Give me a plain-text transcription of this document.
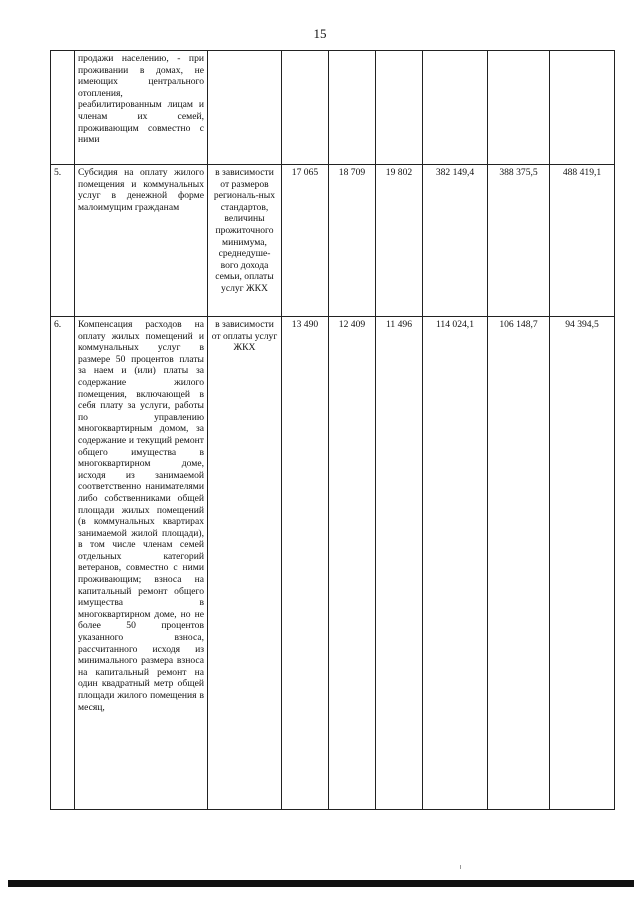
15
	продажи населению, - при проживании в домах, не имеющих центрального отопления, реабилитированным лицам и членам их семей, проживающим совместно с ними							
5.	Субсидия на оплату жилого помещения и коммунальных услуг в денежной форме малоимущим гражданам	в зависимости от размеров региональ-ных стандартов, величины прожиточного минимума, среднедуше-вого дохода семьи, оплаты услуг ЖКХ	17 065	18 709	19 802	382 149,4	388 375,5	488 419,1
6.	Компенсация расходов на оплату жилых помещений и коммунальных услуг в размере 50 процентов платы за наем и (или) платы за содержание жилого помещения, включающей в себя плату за услуги, работы по управлению многоквартирным домом, за содержание и текущий ремонт общего имущества в многоквартирном доме, исходя из занимаемой соответственно нанимателями либо собственниками общей площади жилых помещений (в коммунальных квартирах занимаемой жилой площади), в том числе членам семей отдельных категорий ветеранов, совместно с ними проживающим; взноса на капитальный ремонт общего имущества в многоквартирном доме, но не более 50 процентов указанного взноса, рассчитанного исходя из минимального размера взноса на капитальный ремонт на один квадратный метр общей площади жилого помещения в месяц,	в зависимости от оплаты услуг ЖКХ	13 490	12 409	11 496	114 024,1	106 148,7	94 394,5
